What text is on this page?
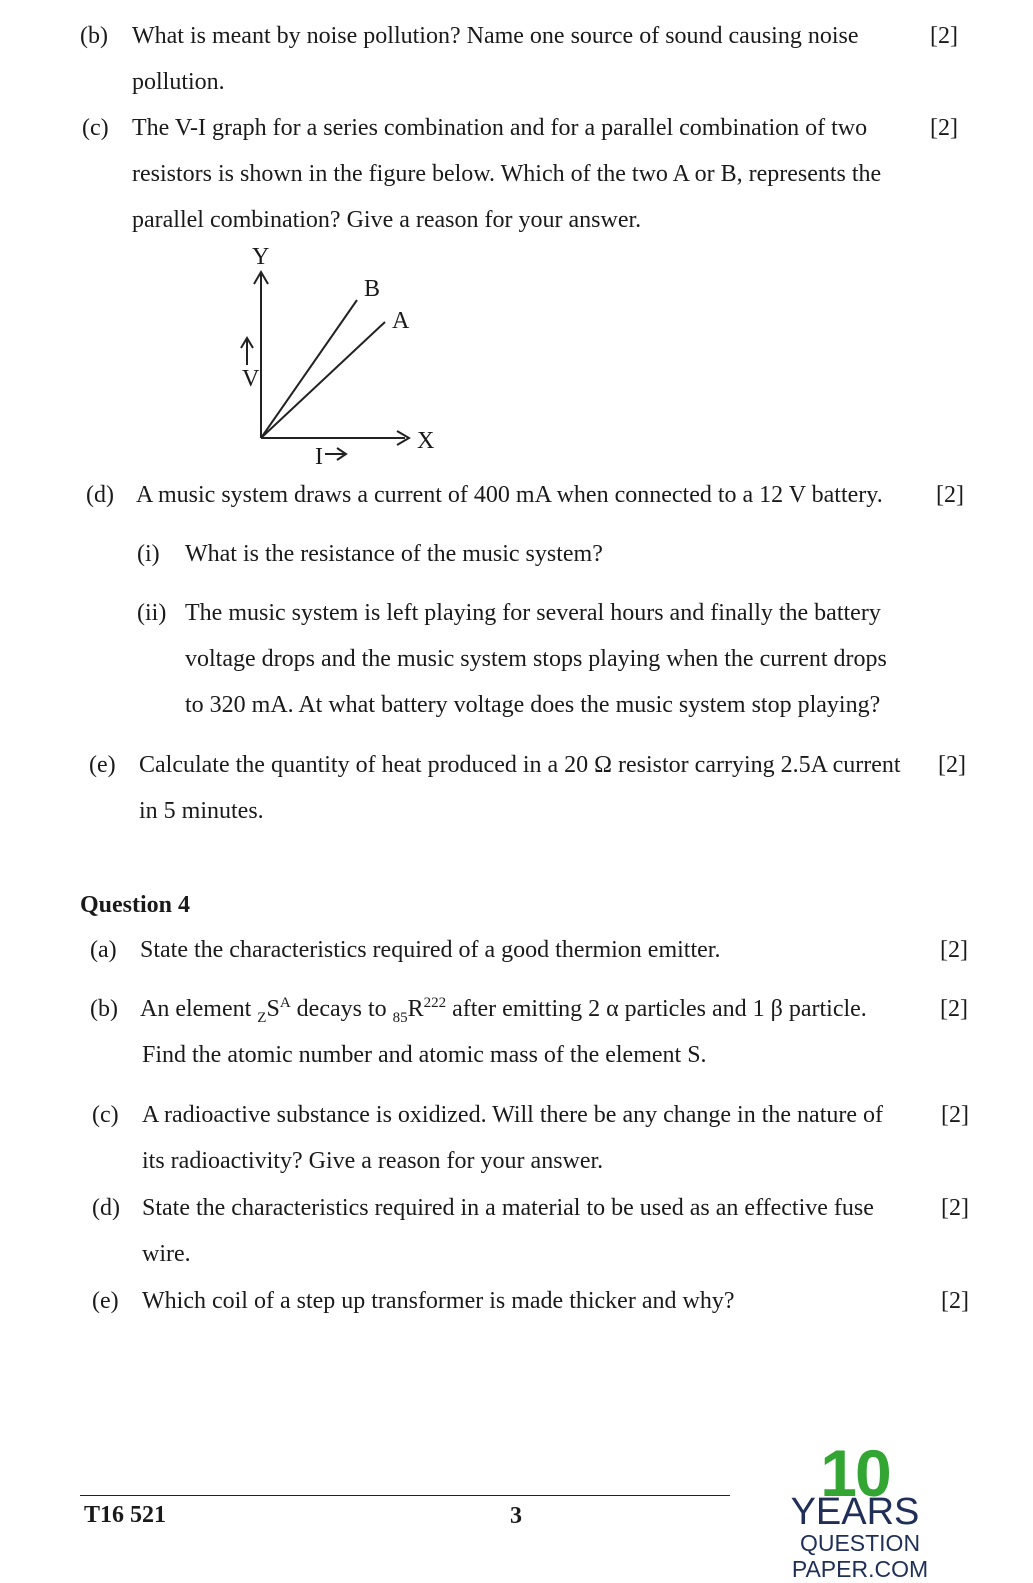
(b) What is meant by noise pollution? Name one source of sound causing noise
pollution.
[2]
(c) The V-I graph for a series combination and for a parallel combination of two
resistors is shown in the figure below. Which of the two A or B, represents the
parallel combination? Give a reason for your answer.
[2]
Y
X
B
A
V
I
(d) A music system draws a current of 400 mA when connected to a 12 V battery. [2]
(i) What is the resistance of the music system?
(ii) The music system is left playing for several hours and finally the battery
voltage drops and the music system stops playing when the current drops
to 320 mA. At what battery voltage does the music system stop playing?
(e) Calculate the quantity of heat produced in a 20 Ω resistor carrying 2.5A current
in 5 minutes.
[2]
Question 4
(a) State the characteristics required of a good thermion emitter.	[2]
(b) An element $_ZS^A$ decays to $_{85}R^{222}$ after emitting 2 α particles and 1 β particle.
Find the atomic number and atomic mass of the element S.
[2]
(c) A radioactive substance is oxidized. Will there be any change in the nature of
its radioactivity? Give a reason for your answer.
[2]
(d) State the characteristics required in a material to be used as an effective fuse
wire.
[2]
(e) Which coil of a step up transformer is made thicker and why?	[2]
T16 521	3
10
YEARS
QUESTION PAPER.COM
